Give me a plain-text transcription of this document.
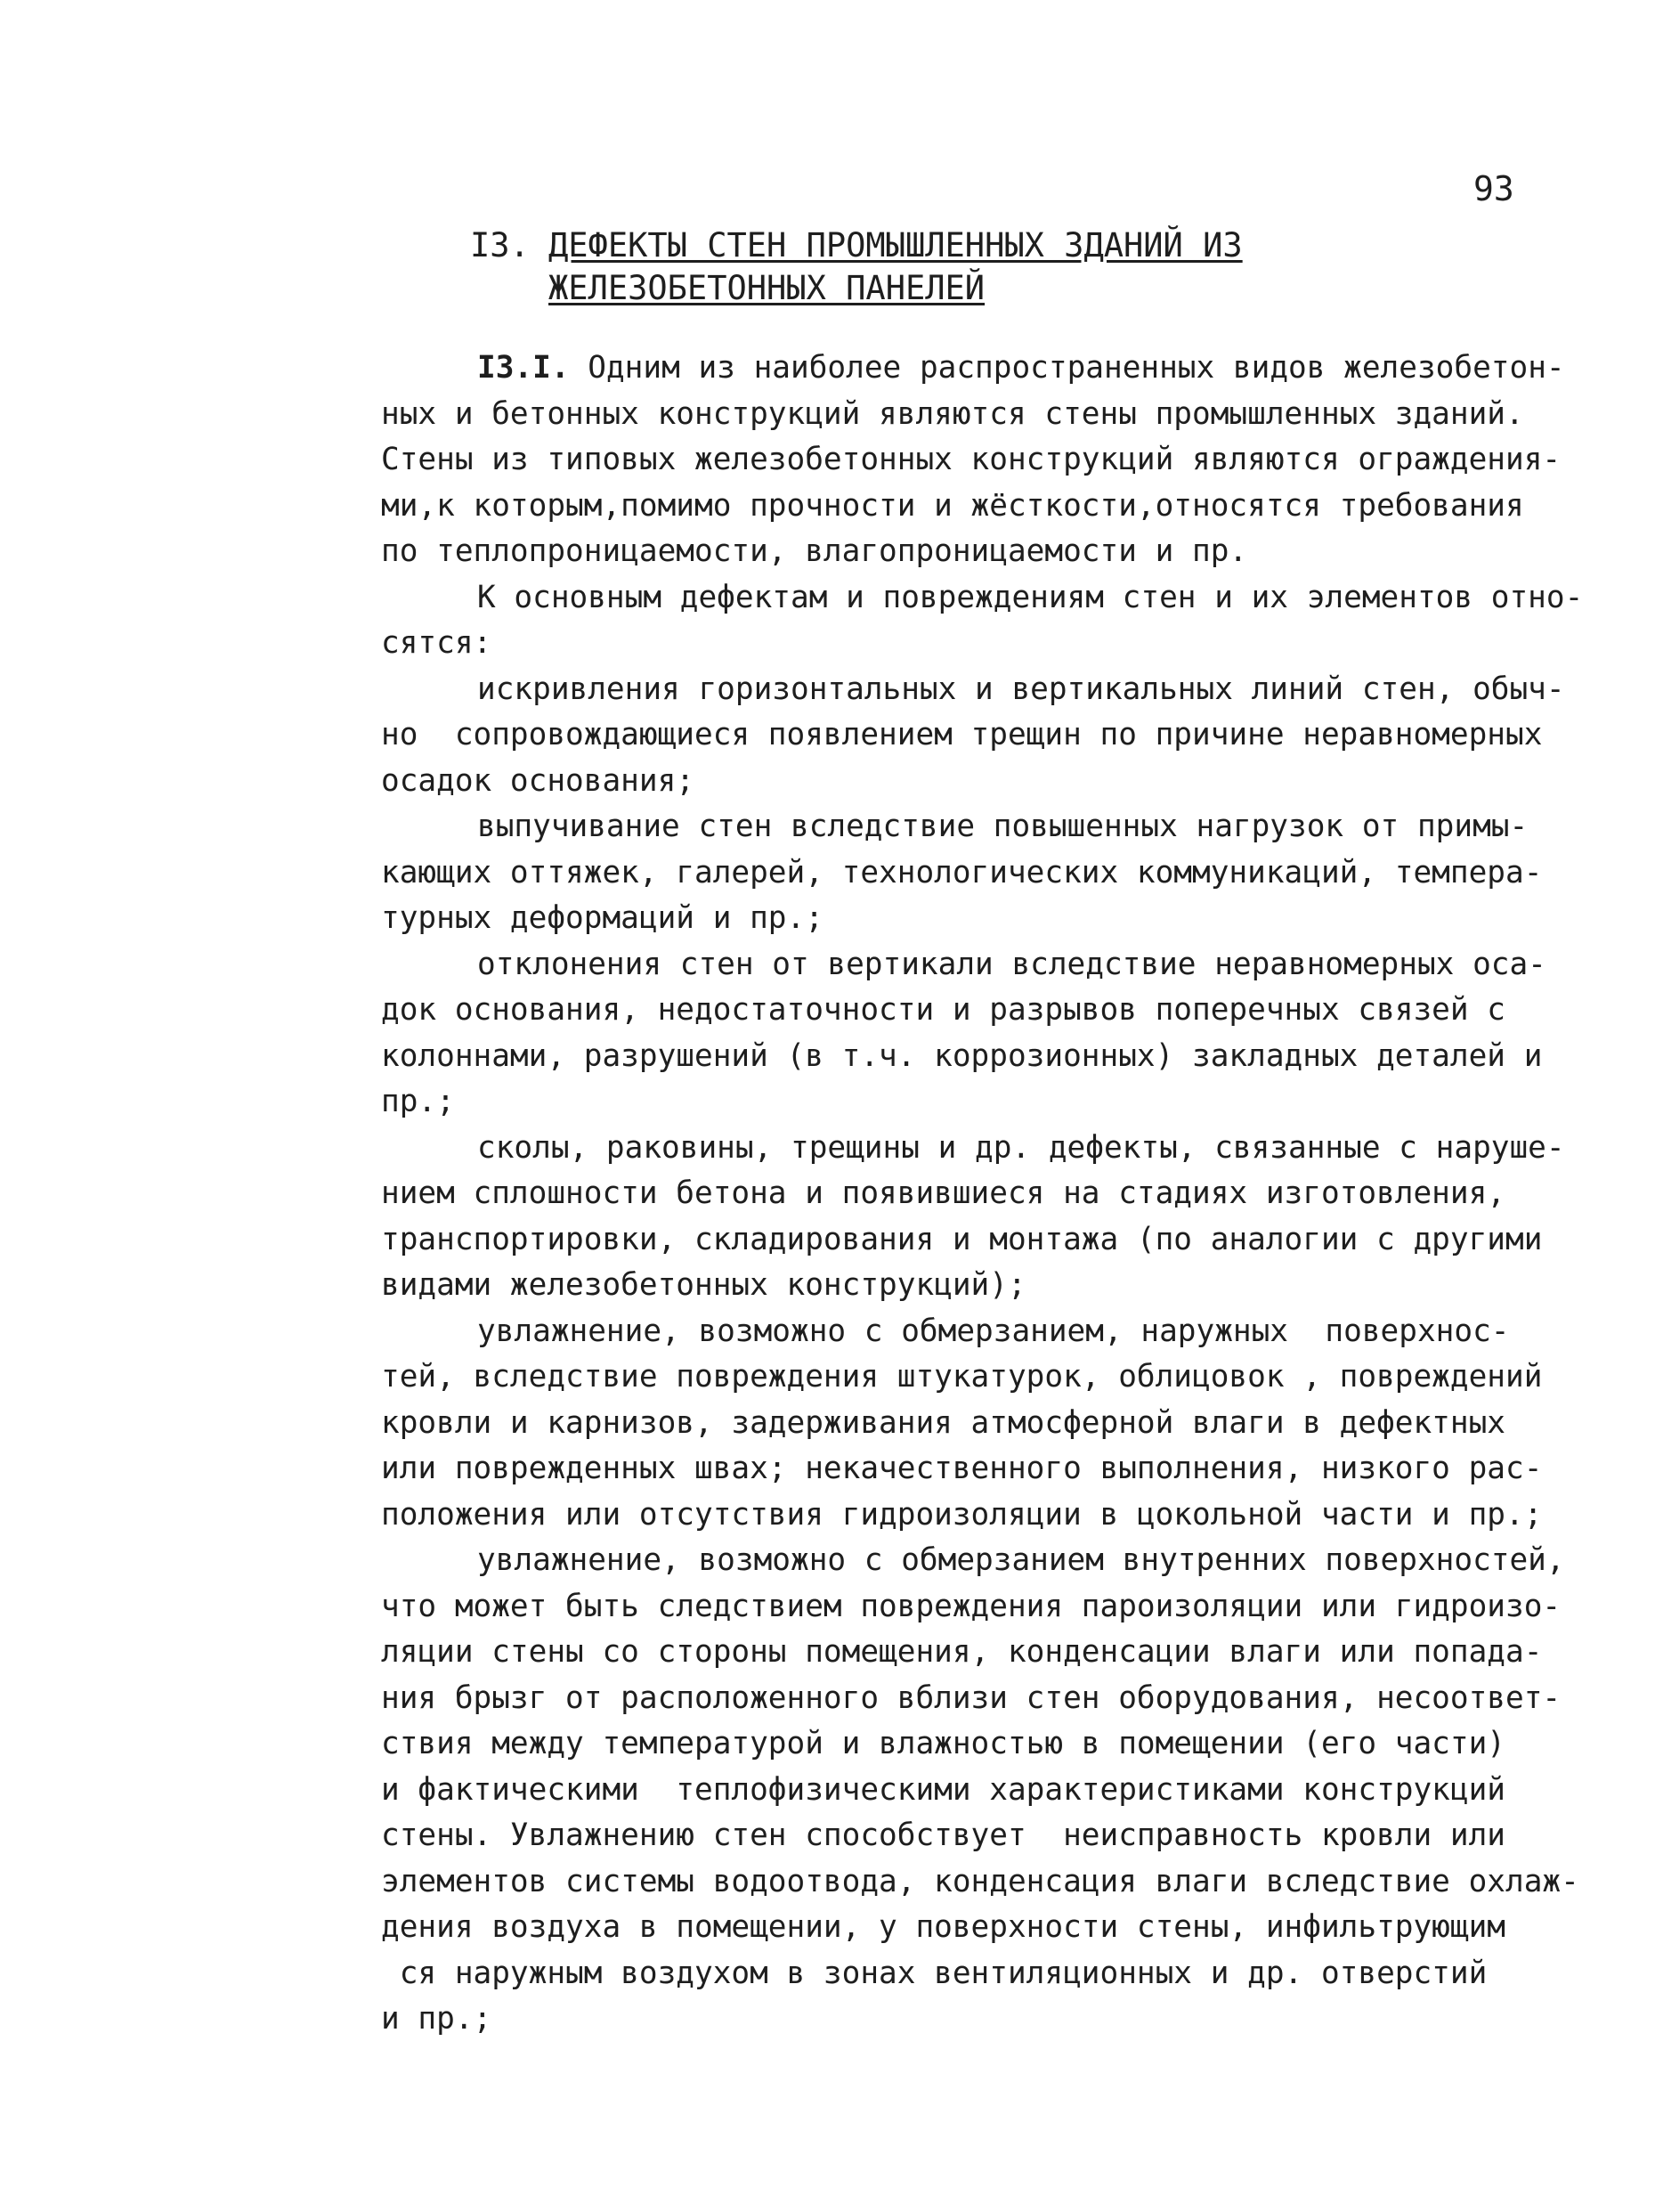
93
I3. ДЕФЕКТЫ СТЕН ПРОМЫШЛЕННЫХ ЗДАНИЙ ИЗ
ЖЕЛЕЗОБЕТОННЫХ ПАНЕЛЕЙ
I3.I. Одним из наиболее распространенных видов железобетон-
ных и бетонных конструкций являются стены промышленных зданий.
Стены из типовых железобетонных конструкций являются ограждения-
ми,к которым,помимо прочности и жёсткости,относятся требования
по теплопроницаемости, влагопроницаемости и пр.
К основным дефектам и повреждениям стен и их элементов отно-
сятся:
искривления горизонтальных и вертикальных линий стен, обыч-
но  сопровождающиеся появлением трещин по причине неравномерных
осадок основания;
выпучивание стен вследствие повышенных нагрузок от примы-
кающих оттяжек, галерей, технологических коммуникаций, темпера-
турных деформаций и пр.;
отклонения стен от вертикали вследствие неравномерных оса-
док основания, недостаточности и разрывов поперечных связей с
колоннами, разрушений (в т.ч. коррозионных) закладных деталей и
пр.;
сколы, раковины, трещины и др. дефекты, связанные с наруше-
нием сплошности бетона и появившиеся на стадиях изготовления,
транспортировки, складирования и монтажа (по аналогии с другими
видами железобетонных конструкций);
увлажнение, возможно с обмерзанием, наружных  поверхнос-
тей, вследствие повреждения штукатурок, облицовок , повреждений
кровли и карнизов, задерживания атмосферной влаги в дефектных
или поврежденных швах; некачественного выполнения, низкого рас-
положения или отсутствия гидроизоляции в цокольной части и пр.;
увлажнение, возможно с обмерзанием внутренних поверхностей,
что может быть следствием повреждения пароизоляции или гидроизо-
ляции стены со стороны помещения, конденсации влаги или попада-
ния брызг от расположенного вблизи стен оборудования, несоответ-
ствия между температурой и влажностью в помещении (его части)
и фактическими  теплофизическими характеристиками конструкций
стены. Увлажнению стен способствует  неисправность кровли или
элементов системы водоотвода, конденсация влаги вследствие охлаж-
дения воздуха в помещении, у поверхности стены, инфильтрующим
ся наружным воздухом в зонах вентиляционных и др. отверстий
и пр.;
